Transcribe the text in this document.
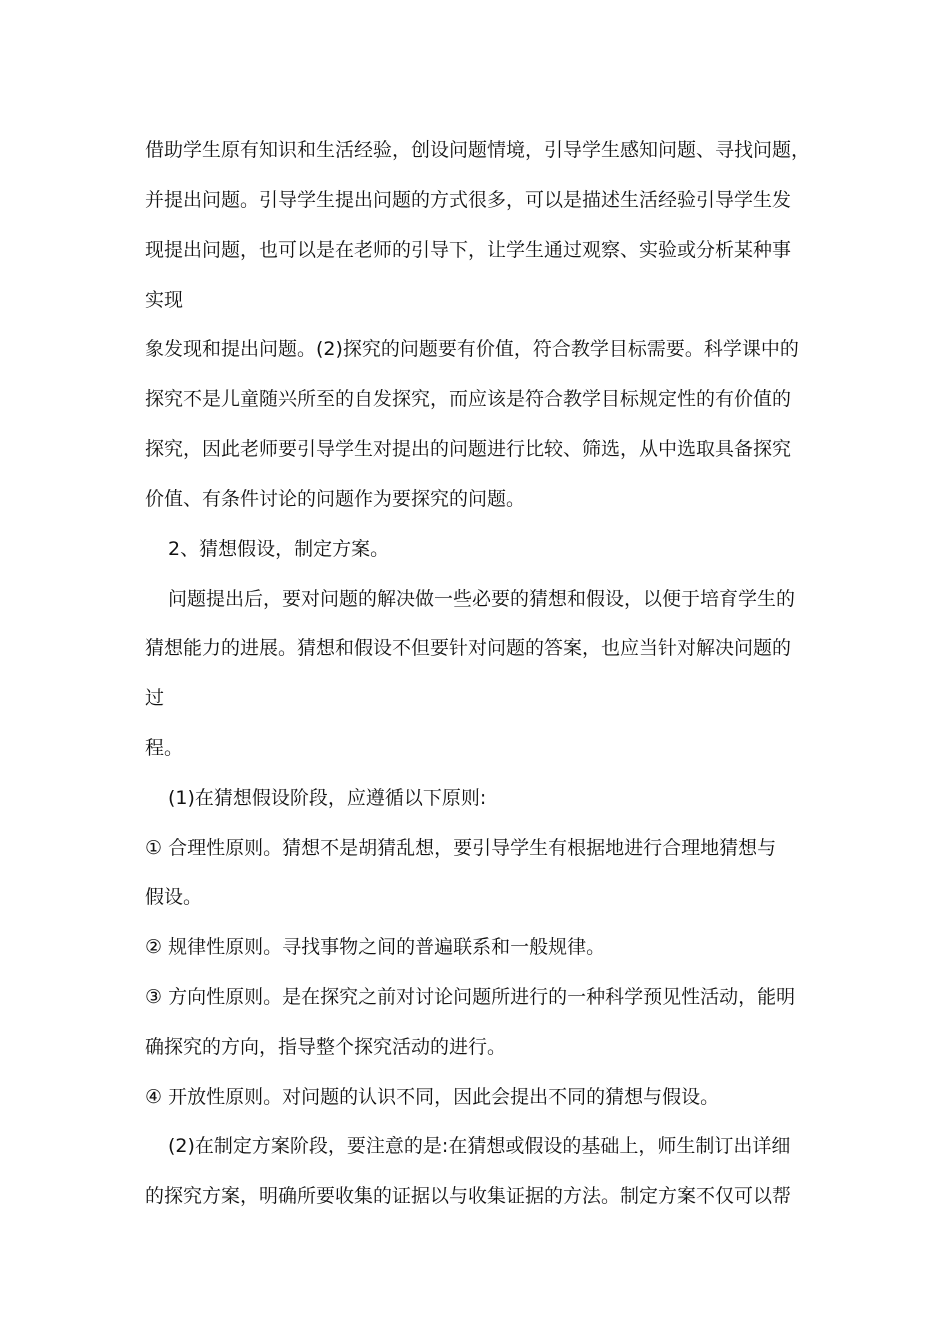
借助学生原有知识和生活经验，创设问题情境，引导学生感知问题、寻找问题，

并提出问题。引导学生提出问题的方式很多，可以是描述生活经验引导学生发

现提出问题，也可以是在老师的引导下，让学生通过观察、实验或分析某种事

实现

象发现和提出问题。(2)探究的问题要有价值，符合教学目标需要。科学课中的

探究不是儿童随兴所至的自发探究，而应该是符合教学目标规定性的有价值的

探究，因此老师要引导学生对提出的问题进行比较、筛选，从中选取具备探究

价值、有条件讨论的问题作为要探究的问题。

2、猜想假设，制定方案。

问题提出后，要对问题的解决做一些必要的猜想和假设，以便于培育学生的

猜想能力的进展。猜想和假设不但要针对问题的答案，也应当针对解决问题的

过

程。

(1)在猜想假设阶段，应遵循以下原则:

① 合理性原则。猜想不是胡猜乱想，要引导学生有根据地进行合理地猜想与

假设。

② 规律性原则。寻找事物之间的普遍联系和一般规律。

③ 方向性原则。是在探究之前对讨论问题所进行的一种科学预见性活动，能明

确探究的方向，指导整个探究活动的进行。

④ 开放性原则。对问题的认识不同，因此会提出不同的猜想与假设。

(2)在制定方案阶段，要注意的是:在猜想或假设的基础上，师生制订出详细

的探究方案，明确所要收集的证据以与收集证据的方法。制定方案不仅可以帮
